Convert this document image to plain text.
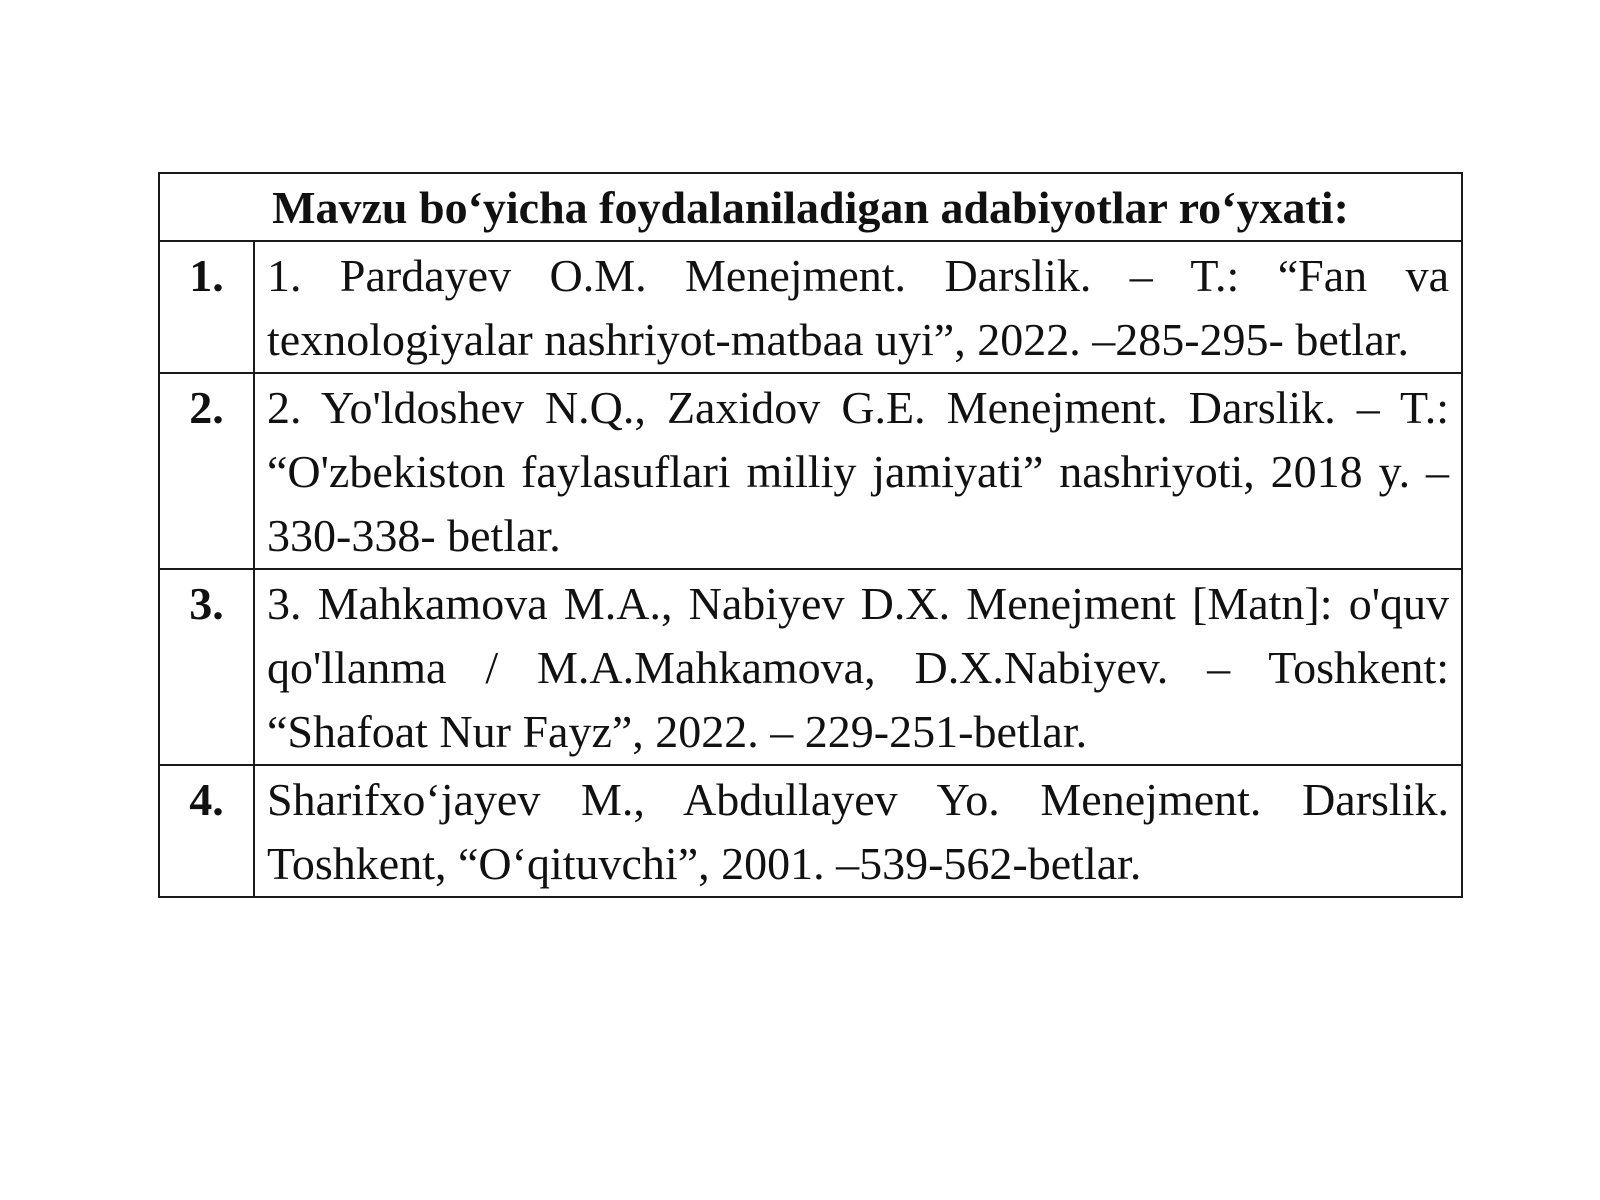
Mavzu bo‘yicha foydalaniladigan adabiyotlar ro‘yxati:	
1.	1. Pardayev O.M. Menejment. Darslik. – T.: “Fan va texnologiyalar nashriyot-matbaa uyi”, 2022. –285-295- betlar.
2.	2. Yo'ldoshev N.Q., Zaxidov G.E. Menejment. Darslik. – T.: “O'zbekiston faylasuflari milliy jamiyati” nashriyoti, 2018 y. – 330-338- betlar.
3.	3. Mahkamova M.A., Nabiyev D.X. Menejment [Matn]: o'quv qo'llanma / M.A.Mahkamova, D.X.Nabiyev. – Toshkent: “Shafoat Nur Fayz”, 2022. – 229-251-betlar.
4.	Sharifxo‘jayev M., Abdullayev Yo. Menejment. Darslik. Toshkent, “O‘qituvchi”, 2001. –539-562-betlar.
